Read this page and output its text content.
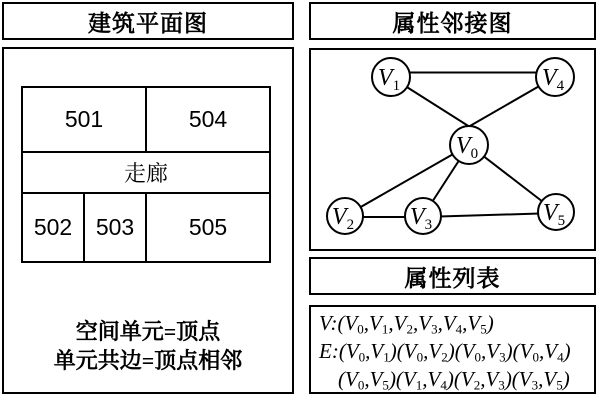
建筑平面图
501	504
走廊
502 503 505
空间单元=顶点
单元共边=顶点相邻
属性邻接图
$V_1$	$V_4$
$V_0$
$V_2$ $V_3$	$V_5$
属性列表
$V:(V_0,V_1,V_2,V_3,V_4,V_5)$
$E:(V_0,V_1)(V_0,V_2)(V_0,V_3)(V_0,V_4)$
$(V_0,V_5)(V_1,V_4)(V_2,V_3)(V_3,V_5)$
